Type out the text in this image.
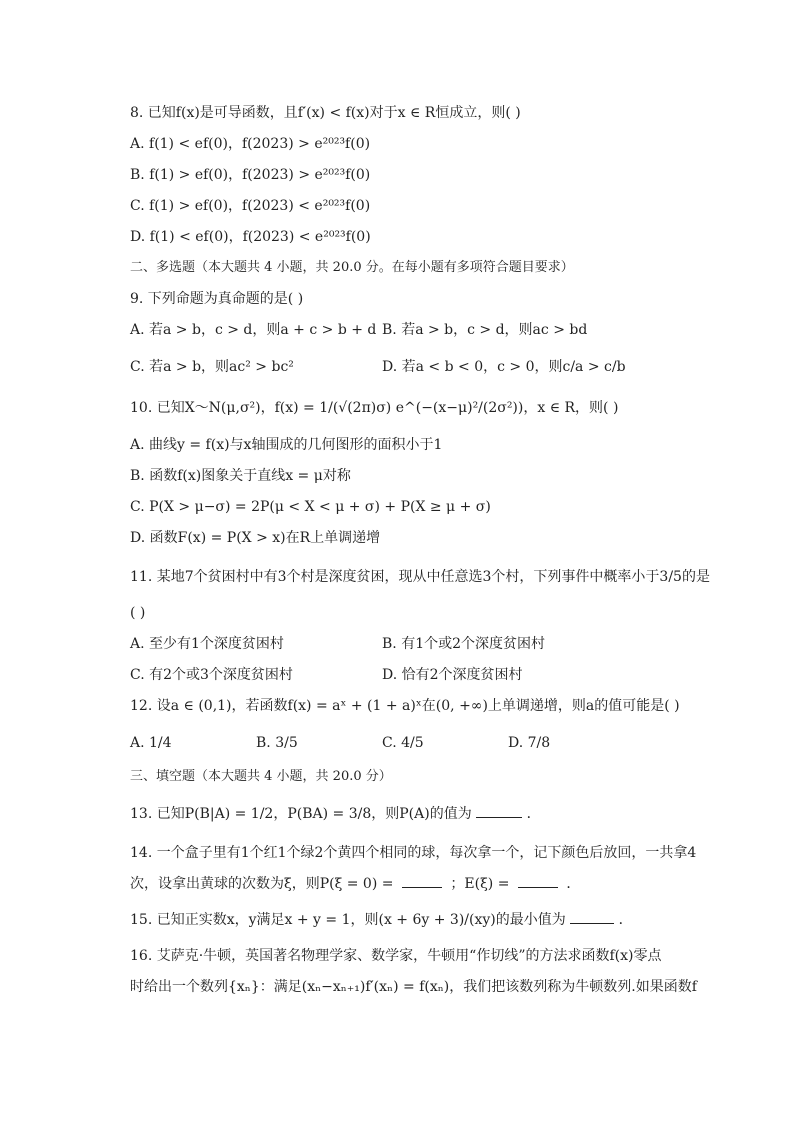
8. 已知f(x)是可导函数，且f′(x) < f(x)对于x ∈ R恒成立，则( )
A. f(1) < ef(0)，f(2023) > e²⁰²³f(0)
B. f(1) > ef(0)，f(2023) > e²⁰²³f(0)
C. f(1) > ef(0)，f(2023) < e²⁰²³f(0)
D. f(1) < ef(0)，f(2023) < e²⁰²³f(0)
二、多选题（本大题共 4 小题，共 20.0 分。在每小题有多项符合题目要求）
9. 下列命题为真命题的是( )
A. 若a > b，c > d，则a + c > b + d B. 若a > b，c > d，则ac > bd
C. 若a > b，则ac² > bc²	D. 若a < b < 0，c > 0，则c/a > c/b
10. 已知X～N(μ,σ²)，f(x) = 1/(√(2π)σ) e^(−(x−μ)²/(2σ²))，x ∈ R，则( )
A. 曲线y = f(x)与x轴围成的几何图形的面积小于1
B. 函数f(x)图象关于直线x = μ对称
C. P(X > μ−σ) = 2P(μ < X < μ + σ) + P(X ≥ μ + σ)
D. 函数F(x) = P(X > x)在R上单调递增
11. 某地7个贫困村中有3个村是深度贫困，现从中任意选3个村，下列事件中概率小于3/5的是
( )
A. 至少有1个深度贫困村	B. 有1个或2个深度贫困村
C. 有2个或3个深度贫困村	D. 恰有2个深度贫困村
12. 设a ∈ (0,1)，若函数f(x) = aˣ + (1 + a)ˣ在(0, +∞)上单调递增，则a的值可能是( )
A. 1/4	B. 3/5	C. 4/5	D. 7/8
三、填空题（本大题共 4 小题，共 20.0 分）
13. 已知P(B|A) = 1/2，P(BA) = 3/8，则P(A)的值为	．
14. 一个盒子里有1个红1个绿2个黄四个相同的球，每次拿一个，记下颜色后放回，一共拿4
次，设拿出黄球的次数为ξ，则P(ξ = 0) =	；E(ξ) =	．
15. 已知正实数x，y满足x + y = 1，则(x + 6y + 3)/(xy)的最小值为	．
16. 艾萨克·牛顿，英国著名物理学家、数学家，牛顿用“作切线”的方法求函数f(x)零点
时给出一个数列{xₙ}：满足(xₙ−xₙ₊₁)f′(xₙ) = f(xₙ)，我们把该数列称为牛顿数列.如果函数f
